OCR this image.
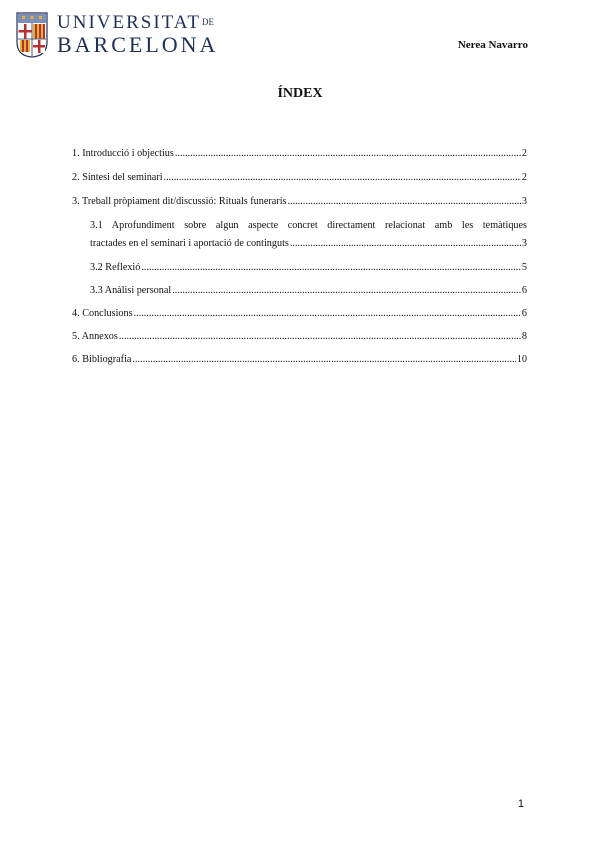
$UNIVERSITAT^{DE}$
BARCELONA	Nerea Navarro
ÍNDEX
1. Introducció i objectius .....	2
2. Síntesi del seminari .....	2
3. Treball pròpiament dit/discussió: Rituals funeraris .....	3
3.1 Aprofundiment sobre algun aspecte concret directament relacionat amb les temàtiques
tractades en el seminari i aportació de continguts .....	3
3.2 Reflexió .....	5
3.3 Anàlisi personal .....	6
4. Conclusions .....	6
5. Annexos .....	8
6. Bibliografia .....	10
1
